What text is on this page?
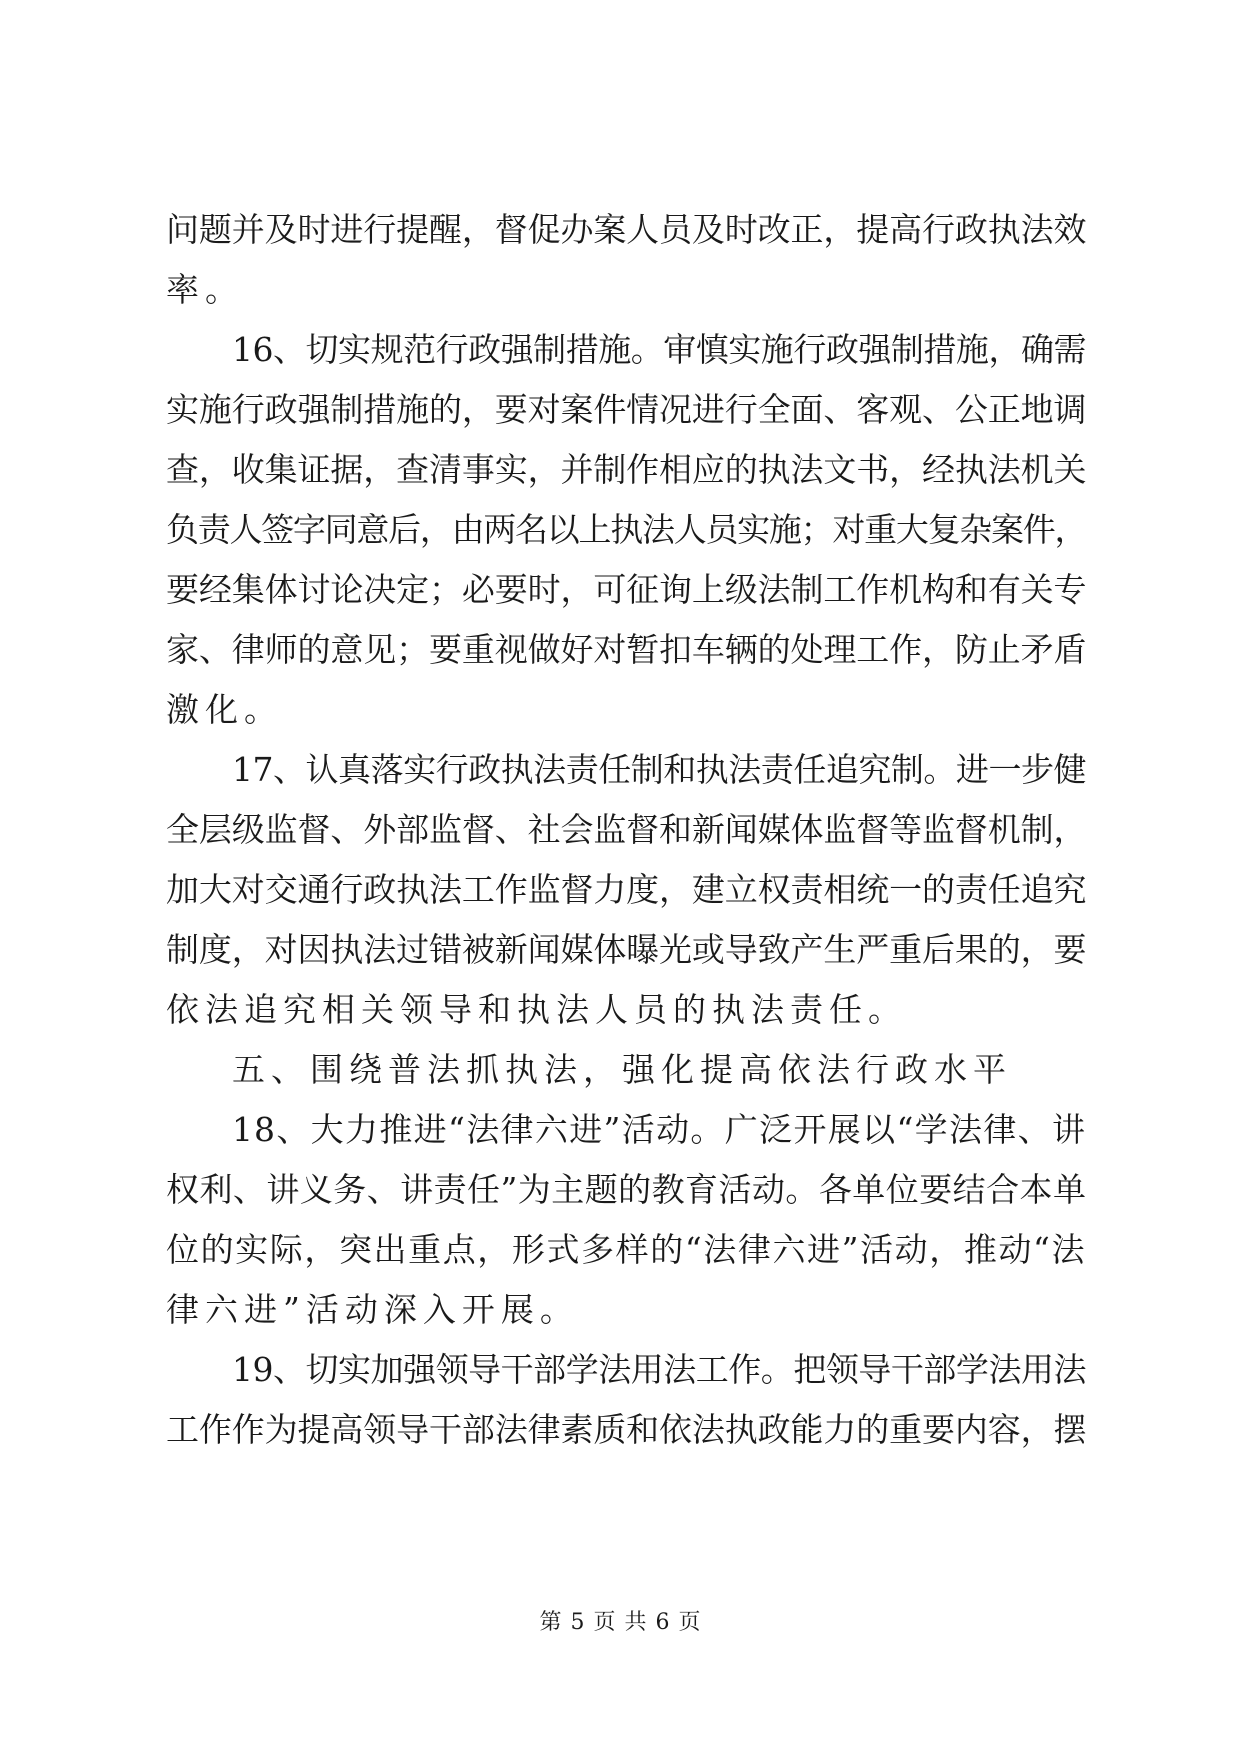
问题并及时进行提醒，督促办案人员及时改正，提高行政执法效
率。
16、切实规范行政强制措施。审慎实施行政强制措施，确需
实施行政强制措施的，要对案件情况进行全面、客观、公正地调
查，收集证据，查清事实，并制作相应的执法文书，经执法机关
负责人签字同意后，由两名以上执法人员实施；对重大复杂案件，
要经集体讨论决定；必要时，可征询上级法制工作机构和有关专
家、律师的意见；要重视做好对暂扣车辆的处理工作，防止矛盾
激化。
17、认真落实行政执法责任制和执法责任追究制。进一步健
全层级监督、外部监督、社会监督和新闻媒体监督等监督机制，
加大对交通行政执法工作监督力度，建立权责相统一的责任追究
制度，对因执法过错被新闻媒体曝光或导致产生严重后果的，要
依法追究相关领导和执法人员的执法责任。
五、围绕普法抓执法，强化提高依法行政水平
18、大力推进“法律六进”活动。广泛开展以“学法律、讲
权利、讲义务、讲责任”为主题的教育活动。各单位要结合本单
位的实际，突出重点，形式多样的“法律六进”活动，推动“法
律六进”活动深入开展。
19、切实加强领导干部学法用法工作。把领导干部学法用法
工作作为提高领导干部法律素质和依法执政能力的重要内容，摆
第 5 页 共 6 页
